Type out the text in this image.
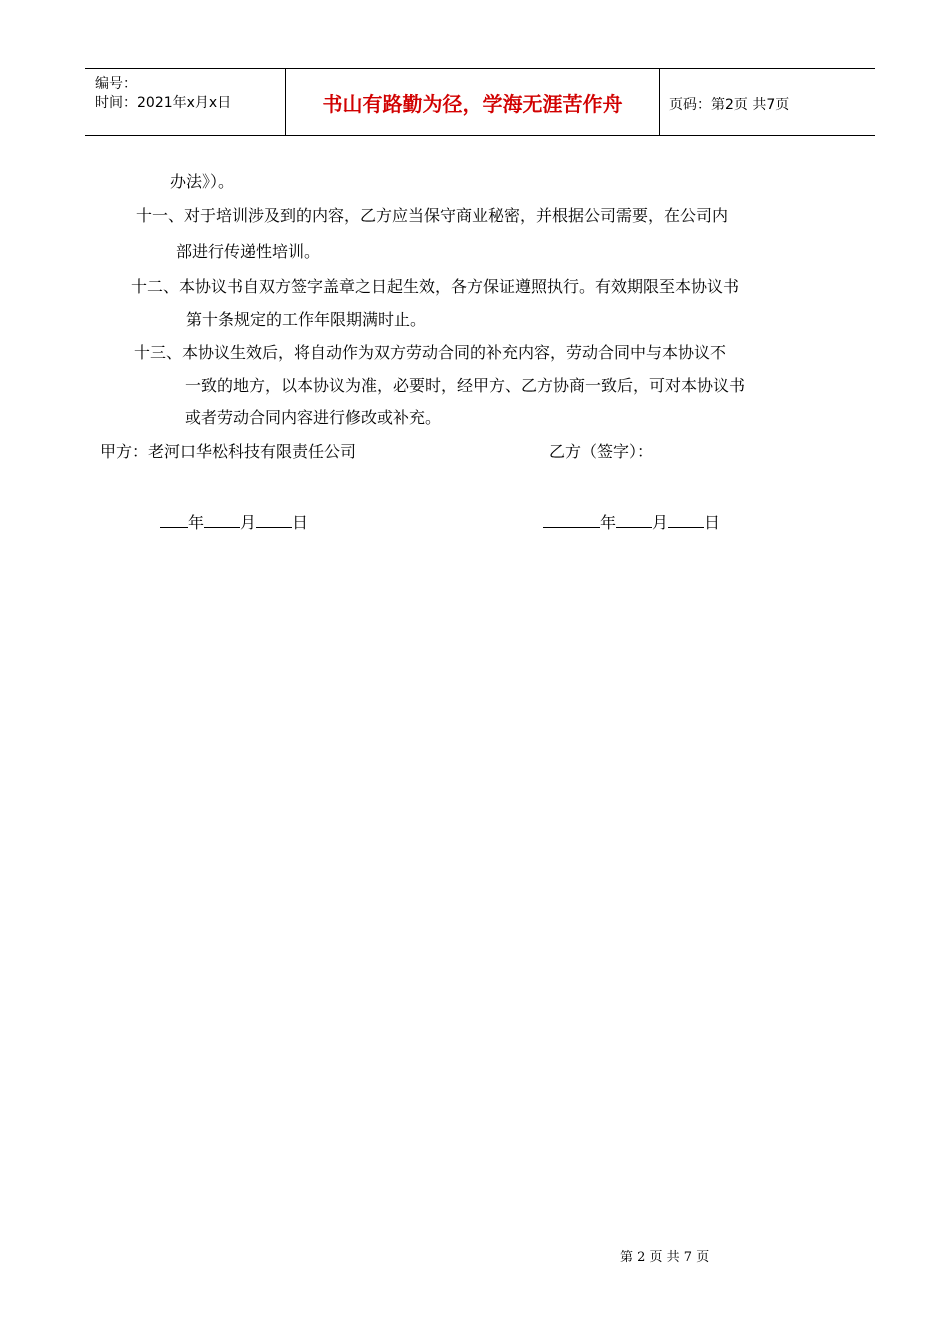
编号：
时间：2021年x月x日	书山有路勤为径，学海无涯苦作舟	页码：第2页 共7页
办法》）。
十一、对于培训涉及到的内容，乙方应当保守商业秘密，并根据公司需要，在公司内
部进行传递性培训。
十二、本协议书自双方签字盖章之日起生效，各方保证遵照执行。有效期限至本协议书
第十条规定的工作年限期满时止。
十三、本协议生效后，将自动作为双方劳动合同的补充内容，劳动合同中与本协议不
一致的地方，以本协议为准，必要时，经甲方、乙方协商一致后，可对本协议书
或者劳动合同内容进行修改或补充。
甲方：老河口华松科技有限责任公司	乙方（签字）：
年 月 日	年 月 日
第 2 页 共 7 页
